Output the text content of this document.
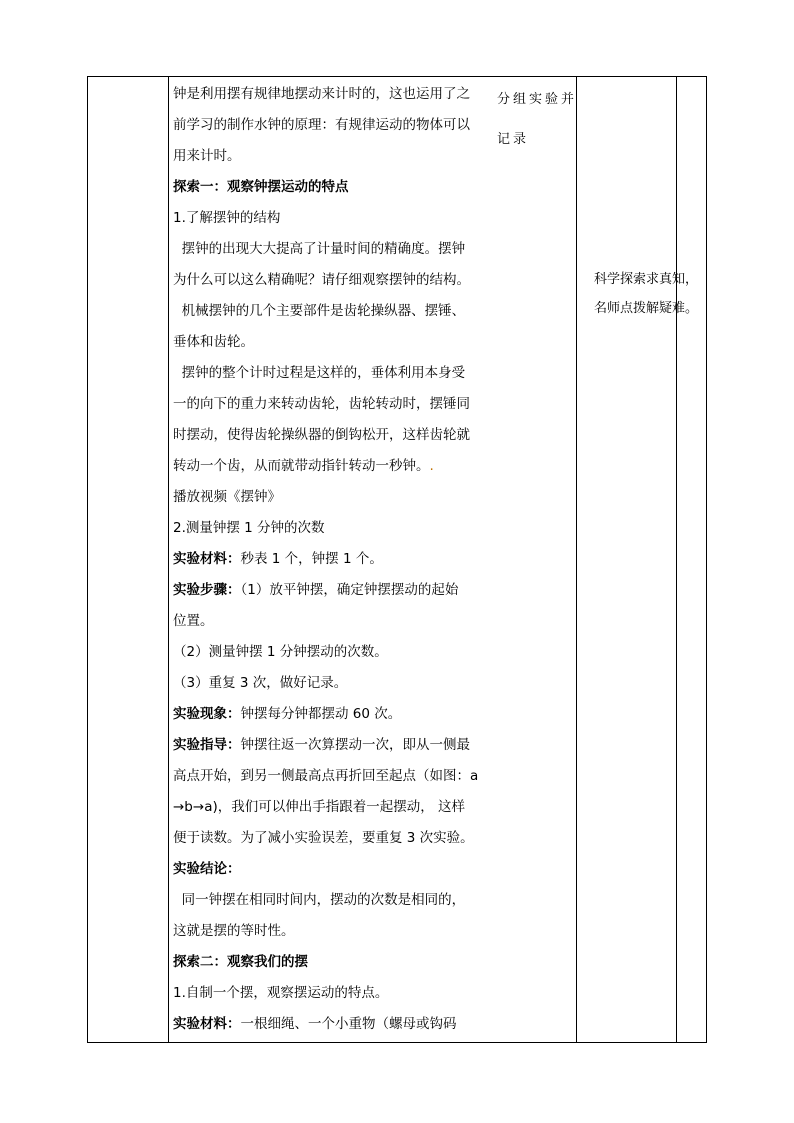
钟是利用摆有规律地摆动来计时的，这也运用了之
前学习的制作水钟的原理：有规律运动的物体可以
用来计时。
探索一：观察钟摆运动的特点
1.了解摆钟的结构
摆钟的出现大大提高了计量时间的精确度。摆钟
为什么可以这么精确呢？请仔细观察摆钟的结构。
机械摆钟的几个主要部件是齿轮操纵器、摆锤、
垂体和齿轮。
摆钟的整个计时过程是这样的，垂体利用本身受
一的向下的重力来转动齿轮，齿轮转动时，摆锤同
时摆动，使得齿轮操纵器的倒钩松开，这样齿轮就
转动一个齿，从而就带动指针转动一秒钟。.
播放视频《摆钟》
2.测量钟摆 1 分钟的次数
实验材料：秒表 1 个，钟摆 1 个。
实验步骤：（1）放平钟摆，确定钟摆摆动的起始
位置。
（2）测量钟摆 1 分钟摆动的次数。
（3）重复 3 次，做好记录。
实验现象：钟摆每分钟都摆动 60 次。
实验指导：钟摆往返一次算摆动一次，即从一侧最
高点开始，到另一侧最高点再折回至起点（如图：a
→b→a)，我们可以伸出手指跟着一起摆动， 这样
便于读数。为了减小实验误差，要重复 3 次实验。
实验结论：
同一钟摆在相同时间内，摆动的次数是相同的，
这就是摆的等时性。
探索二：观察我们的摆
1.自制一个摆，观察摆运动的特点。
实验材料：一根细绳、一个小重物（螺母或钩码
分组实验并
记录
科学探索求真知，
名师点拨解疑难。
